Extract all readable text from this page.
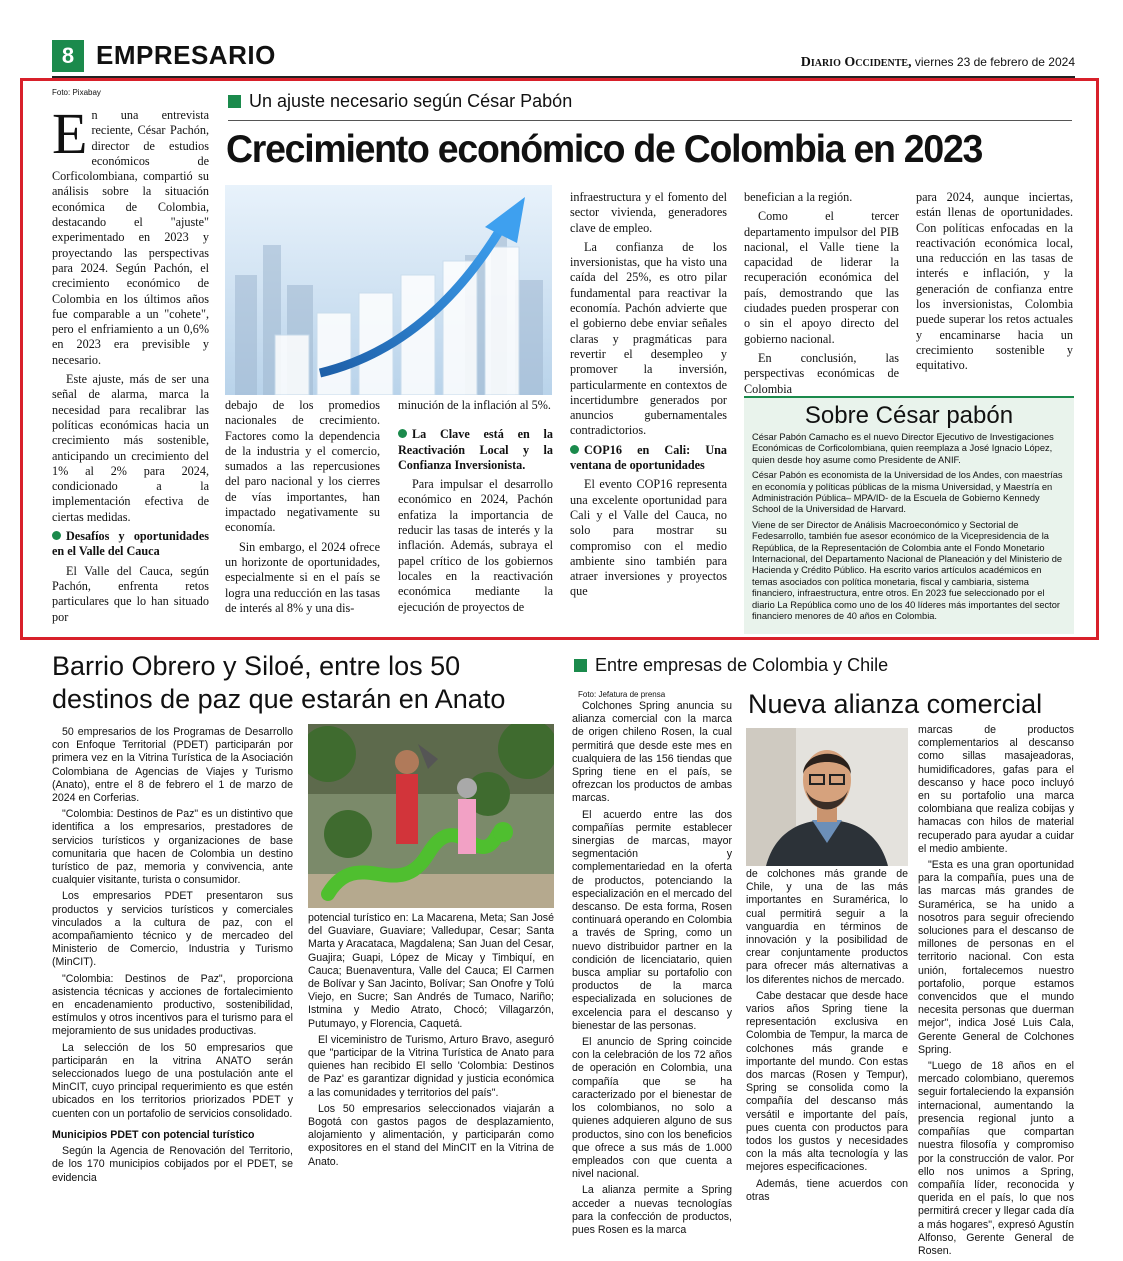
8 EMPRESARIO	Diario Occidente, viernes 23 de febrero de 2024
Foto: Pixabay	Un ajuste necesario según César Pabón
Crecimiento económico de Colombia en 2023
E n una entrevista reciente, César Pachón, director de estudios económicos de Corficolombiana, compartió su análisis sobre la situación económica de Colombia, destacando el "ajuste" experimentado en 2023 y proyectando las perspectivas para 2024. Según Pachón, el crecimiento económico de Colombia en los últimos años fue comparable a un "cohete", pero el enfriamiento a un 0,6% en 2023 era previsible y necesario.

Este ajuste, más de ser una señal de alarma, marca la necesidad para recalibrar las políticas económicas hacia un crecimiento más sostenible, anticipando un crecimiento del 1% al 2% para 2024, condicionado a la implementación efectiva de ciertas medidas.

Desafíos y oportunidades en el Valle del Cauca

El Valle del Cauca, según Pachón, enfrenta retos particulares que lo han situado por

debajo de los promedios nacionales de crecimiento. Factores como la dependencia de la industria y el comercio, sumados a las repercusiones del paro nacional y los cierres de vías importantes, han impactado negativamente su economía.

Sin embargo, el 2024 ofrece un horizonte de oportunidades, especialmente si en el país se logra una reducción en las tasas de interés al 8% y una dis-

minución de la inflación al 5%.

La Clave está en la Reactivación Local y la Confianza Inversionista.

Para impulsar el desarrollo económico en 2024, Pachón enfatiza la importancia de reducir las tasas de interés y la inflación. Además, subraya el papel crítico de los gobiernos locales en la reactivación económica mediante la ejecución de proyectos de

infraestructura y el fomento del sector vivienda, generadores clave de empleo.

La confianza de los inversionistas, que ha visto una caída del 25%, es otro pilar fundamental para reactivar la economía. Pachón advierte que el gobierno debe enviar señales claras y pragmáticas para revertir el desempleo y promover la inversión, particularmente en contextos de incertidumbre generados por anuncios gubernamentales contradictorios.

COP16 en Cali: Una ventana de oportunidades

El evento COP16 representa una excelente oportunidad para Cali y el Valle del Cauca, no solo para mostrar su compromiso con el medio ambiente sino también para atraer inversiones y proyectos que

benefician a la región.

Como el tercer departamento impulsor del PIB nacional, el Valle tiene la capacidad de liderar la recuperación económica del país, demostrando que las ciudades pueden prosperar con o sin el apoyo directo del gobierno nacional.

En conclusión, las perspectivas económicas de Colombia

para 2024, aunque inciertas, están llenas de oportunidades. Con políticas enfocadas en la reactivación económica local, una reducción en las tasas de interés e inflación, y la generación de confianza entre los inversionistas, Colombia puede superar los retos actuales y encaminarse hacia un crecimiento sostenible y equitativo.

Sobre César pabón

César Pabón Camacho es el nuevo Director Ejecutivo de Investigaciones Económicas de Corficolombiana, quien reemplaza a José Ignacio López, quien desde hoy asume como Presidente de ANIF.

César Pabón es economista de la Universidad de los Andes, con maestrías en economía y políticas públicas de la misma Universidad, y Maestría en Administración Pública– MPA/ID- de la Escuela de Gobierno Kennedy School de la Universidad de Harvard.

Viene de ser Director de Análisis Macroeconómico y Sectorial de Fedesarrollo, también fue asesor económico de la Vicepresidencia de la República, de la Representación de Colombia ante el Fondo Monetario Internacional, del Departamento Nacional de Planeación y del Ministerio de Hacienda y Crédito Público. Ha escrito varios artículos académicos en temas asociados con política monetaria, fiscal y cambiaria, sistema financiero, infraestructura, entre otros. En 2023 fue seleccionado por el diario La República como uno de los 40 líderes más importantes del sector financiero menores de 40 años en Colombia.

Barrio Obrero y Siloé, entre los 50
destinos de paz que estarán en Anato

50 empresarios de los Programas de Desarrollo con Enfoque Territorial (PDET) participarán por primera vez en la Vitrina Turística de la Asociación Colombiana de Agencias de Viajes y Turismo (Anato), entre el 8 de febrero el 1 de marzo de 2024 en Corferias.

"Colombia: Destinos de Paz" es un distintivo que identifica a los empresarios, prestadores de servicios turísticos y organizaciones de base comunitaria que hacen de Colombia un destino turístico de paz, memoria y convivencia, ante cualquier visitante, turista o consumidor.

Los empresarios PDET presentaron sus productos y servicios turísticos y comerciales vinculados a la cultura de paz, con el acompañamiento técnico y de mercadeo del Ministerio de Comercio, Industria y Turismo (MinCIT).

"Colombia: Destinos de Paz", proporciona asistencia técnicas y acciones de fortalecimiento en encadenamiento productivo, sostenibilidad, estímulos y otros incentivos para el turismo para el mejoramiento de sus unidades productivas.

La selección de los 50 empresarios que participarán en la vitrina ANATO serán seleccionados luego de una postulación ante el MinCIT, cuyo principal requerimiento es que estén ubicados en los territorios priorizados PDET y cuenten con un portafolio de servicios consolidado.

Municipios PDET con potencial turístico

Según la Agencia de Renovación del Territorio, de los 170 municipios cobijados por el PDET, se evidencia

potencial turístico en: La Macarena, Meta; San José del Guaviare, Guaviare; Valledupar, Cesar; Santa Marta y Aracataca, Magdalena; San Juan del Cesar, Guajira; Guapi, López de Micay y Timbiquí, en Cauca; Buenaventura, Valle del Cauca; El Carmen de Bolívar y San Jacinto, Bolívar; San Onofre y Tolú Viejo, en Sucre; San Andrés de Tumaco, Nariño; Istmina y Medio Atrato, Chocó; Villagarzón, Putumayo, y Florencia, Caquetá.

El viceministro de Turismo, Arturo Bravo, aseguró que "participar de la Vitrina Turística de Anato para quienes han recibido El sello 'Colombia: Destinos de Paz' es garantizar dignidad y justicia económica a las comunidades y territorios del país".

Los 50 empresarios seleccionados viajarán a Bogotá con gastos pagos de desplazamiento, alojamiento y alimentación, y participarán como expositores en el stand del MinCIT en la Vitrina de Anato.

Entre empresas de Colombia y Chile
Foto: Jefatura de prensa	Nueva alianza comercial

Colchones Spring anuncia su alianza comercial con la marca de origen chileno Rosen, la cual permitirá que desde este mes en cualquiera de las 156 tiendas que Spring tiene en el país, se ofrezcan los productos de ambas marcas.

El acuerdo entre las dos compañías permite establecer sinergias de marcas, mayor segmentación y complementariedad en la oferta de productos, potenciando la especialización en el mercado del descanso. De esta forma, Rosen continuará operando en Colombia a través de Spring, como un nuevo distribuidor partner en la condición de licenciatario, quien busca ampliar su portafolio con productos de la marca especializada en soluciones de excelencia para el descanso y bienestar de las personas.

El anuncio de Spring coincide con la celebración de los 72 años de operación en Colombia, una compañía que se ha caracterizado por el bienestar de los colombianos, no solo a quienes adquieren alguno de sus productos, sino con los beneficios que ofrece a sus más de 1.000 empleados con que cuenta a nivel nacional.

La alianza permite a Spring acceder a nuevas tecnologías para la confección de productos, pues Rosen es la marca

de colchones más grande de Chile, y una de las más importantes en Suramérica, lo cual permitirá seguir a la vanguardia en términos de innovación y la posibilidad de crear conjuntamente productos para ofrecer más alternativas a los diferentes nichos de mercado.

Cabe destacar que desde hace varios años Spring tiene la representación exclusiva en Colombia de Tempur, la marca de colchones más grande e importante del mundo. Con estas dos marcas (Rosen y Tempur), Spring se consolida como la compañía del descanso más versátil e importante del país, pues cuenta con productos para todos los gustos y necesidades con la más alta tecnología y las mejores especificaciones.

Además, tiene acuerdos con otras

marcas de productos complementarios al descanso como sillas masajeadoras, humidificadores, gafas para el descanso y hace poco incluyó en su portafolio una marca colombiana que realiza cobijas y hamacas con hilos de material recuperado para ayudar a cuidar el medio ambiente.

"Esta es una gran oportunidad para la compañía, pues una de las marcas más grandes de Suramérica, se ha unido a nosotros para seguir ofreciendo soluciones para el descanso de millones de personas en el territorio nacional. Con esta unión, fortalecemos nuestro portafolio, porque estamos convencidos que el mundo necesita personas que duerman mejor", indica José Luis Cala, Gerente General de Colchones Spring.

"Luego de 18 años en el mercado colombiano, queremos seguir fortaleciendo la expansión internacional, aumentando la presencia regional junto a compañías que compartan nuestra filosofía y compromiso por la construcción de valor. Por ello nos unimos a Spring, compañía líder, reconocida y querida en el país, lo que nos permitirá crecer y llegar cada día a más hogares", expresó Agustín Alfonso, Gerente General de Rosen.
